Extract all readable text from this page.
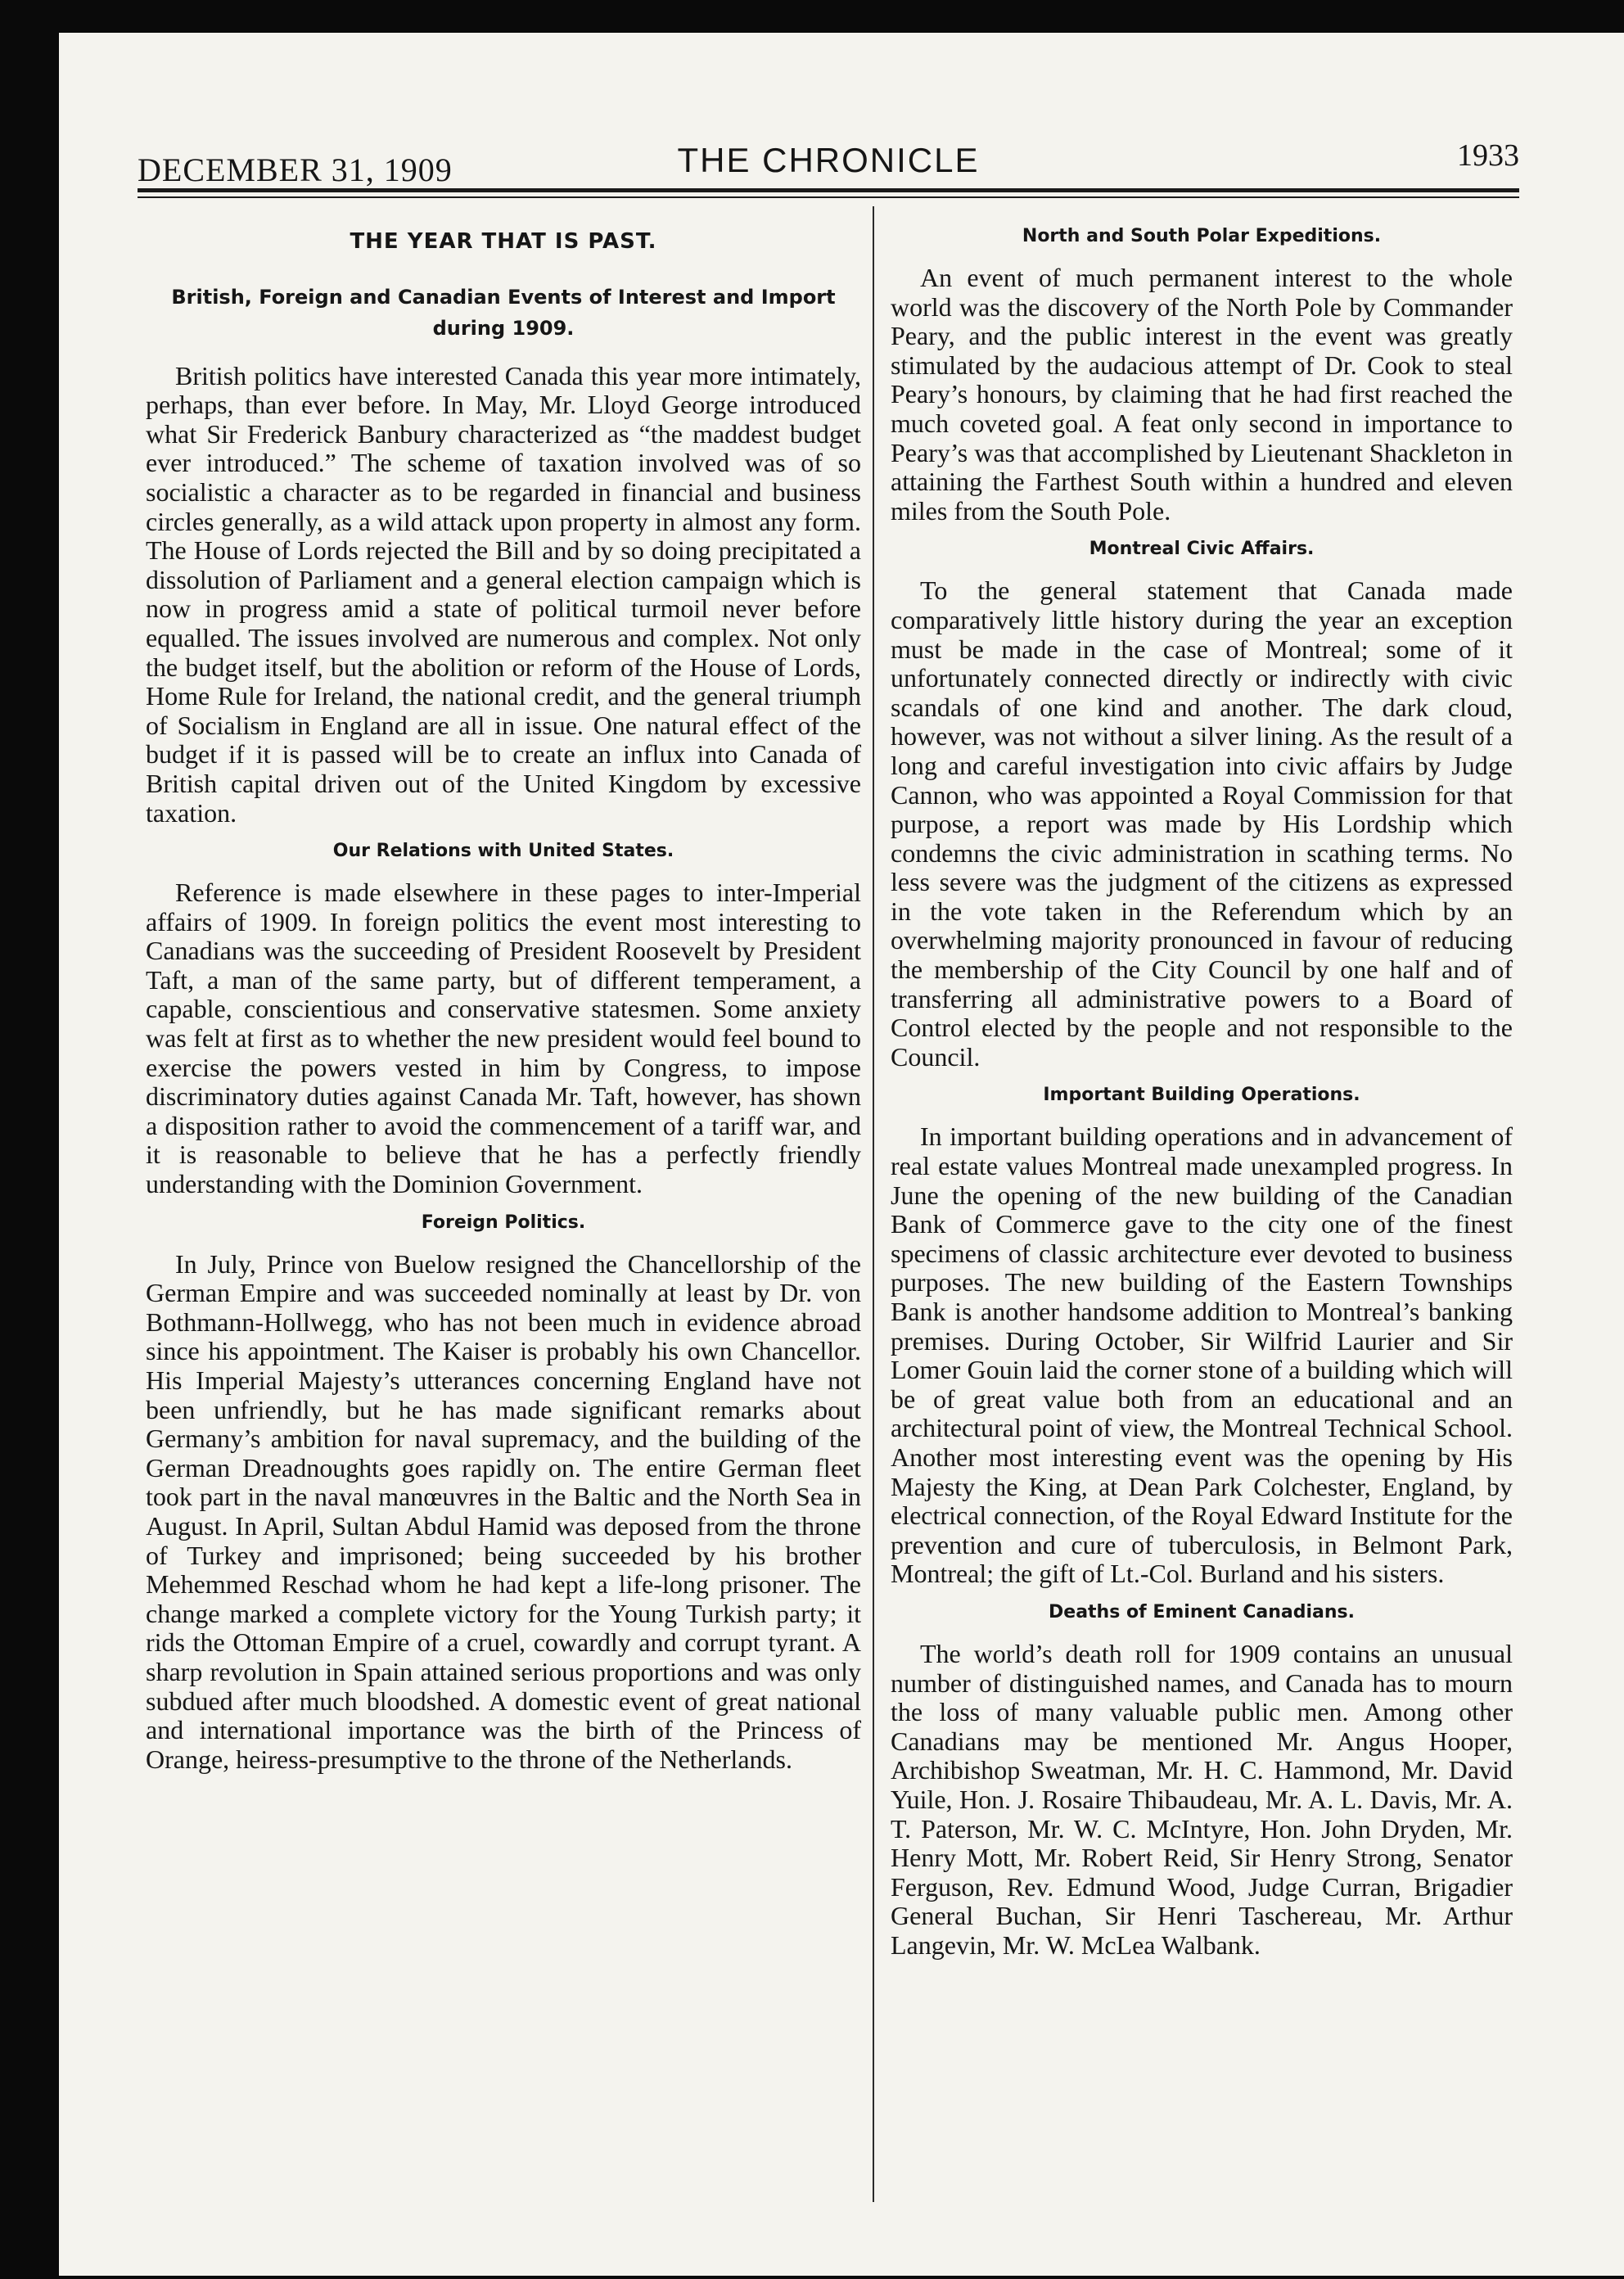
DECEMBER 31, 1909	THE CHRONICLE	1933
THE YEAR THAT IS PAST.
British, Foreign and Canadian Events of Interest and Import during 1909.

British politics have interested Canada this year more intimately, perhaps, than ever before. In May, Mr. Lloyd George introduced what Sir Frederick Banbury characterized as “the maddest budget ever introduced.” The scheme of taxation involved was of so socialistic a character as to be regarded in financial and business circles generally, as a wild attack upon property in almost any form. The House of Lords rejected the Bill and by so doing precipitated a dissolution of Parliament and a general election campaign which is now in progress amid a state of political turmoil never before equalled. The issues involved are numerous and complex. Not only the budget itself, but the abolition or reform of the House of Lords, Home Rule for Ireland, the national credit, and the general triumph of Socialism in England are all in issue. One natural effect of the budget if it is passed will be to create an influx into Canada of British capital driven out of the United Kingdom by excessive taxation.

Our Relations with United States.

Reference is made elsewhere in these pages to inter-Imperial affairs of 1909. In foreign politics the event most interesting to Canadians was the succeeding of President Roosevelt by President Taft, a man of the same party, but of different temperament, a capable, conscientious and conservative statesmen. Some anxiety was felt at first as to whether the new president would feel bound to exercise the powers vested in him by Congress, to impose discriminatory duties against Canada Mr. Taft, however, has shown a disposition rather to avoid the commencement of a tariff war, and it is reasonable to believe that he has a perfectly friendly understanding with the Dominion Government.

Foreign Politics.

In July, Prince von Buelow resigned the Chancellorship of the German Empire and was succeeded nominally at least by Dr. von Bothmann-Hollwegg, who has not been much in evidence abroad since his appointment. The Kaiser is probably his own Chancellor. His Imperial Majesty’s utterances concerning England have not been unfriendly, but he has made significant remarks about Germany’s ambition for naval supremacy, and the building of the German Dreadnoughts goes rapidly on. The entire German fleet took part in the naval manœuvres in the Baltic and the North Sea in August. In April, Sultan Abdul Hamid was deposed from the throne of Turkey and imprisoned; being succeeded by his brother Mehemmed Reschad whom he had kept a life-long prisoner. The change marked a complete victory for the Young Turkish party; it rids the Ottoman Empire of a cruel, cowardly and corrupt tyrant. A sharp revolution in Spain attained serious proportions and was only subdued after much bloodshed. A domestic event of great national and international importance was the birth of the Princess of Orange, heiress-presumptive to the throne of the Netherlands.

North and South Polar Expeditions.

An event of much permanent interest to the whole world was the discovery of the North Pole by Commander Peary, and the public interest in the event was greatly stimulated by the audacious attempt of Dr. Cook to steal Peary’s honours, by claiming that he had first reached the much coveted goal. A feat only second in importance to Peary’s was that accomplished by Lieutenant Shackleton in attaining the Farthest South within a hundred and eleven miles from the South Pole.

Montreal Civic Affairs.

To the general statement that Canada made comparatively little history during the year an exception must be made in the case of Montreal; some of it unfortunately connected directly or indirectly with civic scandals of one kind and another. The dark cloud, however, was not without a silver lining. As the result of a long and careful investigation into civic affairs by Judge Cannon, who was appointed a Royal Commission for that purpose, a report was made by His Lordship which condemns the civic administration in scathing terms. No less severe was the judgment of the citizens as expressed in the vote taken in the Referendum which by an overwhelming majority pronounced in favour of reducing the membership of the City Council by one half and of transferring all administrative powers to a Board of Control elected by the people and not responsible to the Council.

Important Building Operations.

In important building operations and in advancement of real estate values Montreal made unexampled progress. In June the opening of the new building of the Canadian Bank of Commerce gave to the city one of the finest specimens of classic architecture ever devoted to business purposes. The new building of the Eastern Townships Bank is another handsome addition to Montreal’s banking premises. During October, Sir Wilfrid Laurier and Sir Lomer Gouin laid the corner stone of a building which will be of great value both from an educational and an architectural point of view, the Montreal Technical School. Another most interesting event was the opening by His Majesty the King, at Dean Park Colchester, England, by electrical connection, of the Royal Edward Institute for the prevention and cure of tuberculosis, in Belmont Park, Montreal; the gift of Lt.-Col. Burland and his sisters.

Deaths of Eminent Canadians.

The world’s death roll for 1909 contains an unusual number of distinguished names, and Canada has to mourn the loss of many valuable public men. Among other Canadians may be mentioned Mr. Angus Hooper, Archibishop Sweatman, Mr. H. C. Hammond, Mr. David Yuile, Hon. J. Rosaire Thibaudeau, Mr. A. L. Davis, Mr. A. T. Paterson, Mr. W. C. McIntyre, Hon. John Dryden, Mr. Henry Mott, Mr. Robert Reid, Sir Henry Strong, Senator Ferguson, Rev. Edmund Wood, Judge Curran, Brigadier General Buchan, Sir Henri Taschereau, Mr. Arthur Langevin, Mr. W. McLea Walbank.
